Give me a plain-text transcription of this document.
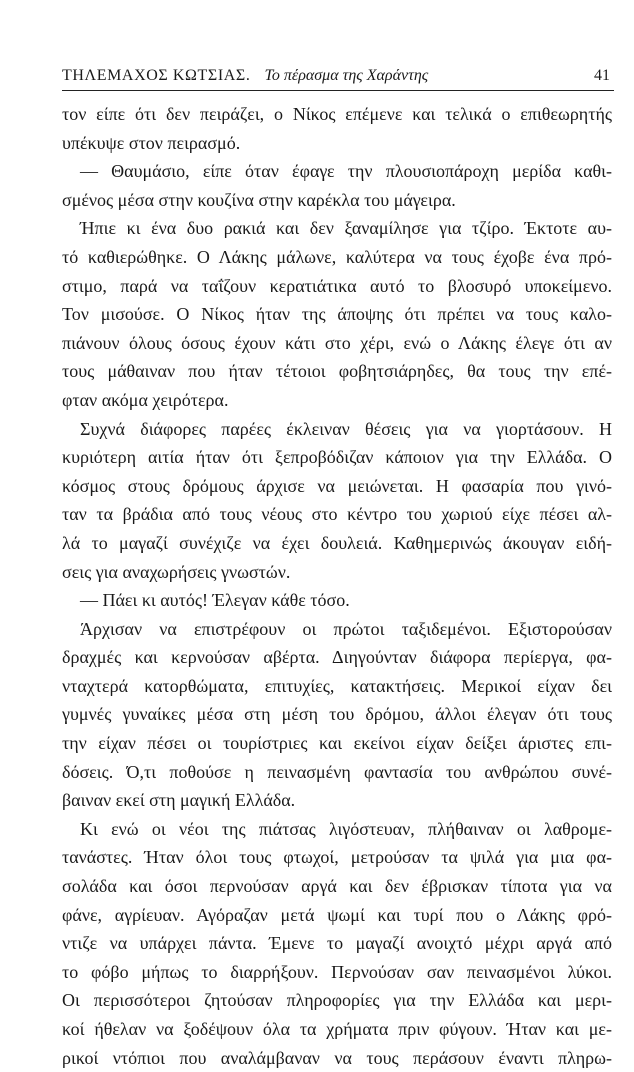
ΤΗΛΕΜΑΧΟΣ ΚΩΤΣΙΑΣ. Το πέρασμα της Χαράντης	41
τον είπε ότι δεν πειράζει, ο Νίκος επέμενε και τελικά ο επιθεωρητής
υπέκυψε στον πειρασμό.
— Θαυμάσιο, είπε όταν έφαγε την πλουσιοπάροχη μερίδα καθι-
σμένος μέσα στην κουζίνα στην καρέκλα του μάγειρα.
Ήπιε κι ένα δυο ρακιά και δεν ξαναμίλησε για τζίρο. Έκτοτε αυ-
τό καθιερώθηκε. Ο Λάκης μάλωνε, καλύτερα να τους έχοβε ένα πρό-
στιμο, παρά να ταΐζουν κερατιάτικα αυτό το βλοσυρό υποκείμενο.
Τον μισούσε. Ο Νίκος ήταν της άποψης ότι πρέπει να τους καλο-
πιάνουν όλους όσους έχουν κάτι στο χέρι, ενώ ο Λάκης έλεγε ότι αν
τους μάθαιναν που ήταν τέτοιοι φοβητσιάρηδες, θα τους την επέ-
φταν ακόμα χειρότερα.
Συχνά διάφορες παρέες έκλειναν θέσεις για να γιορτάσουν. Η
κυριότερη αιτία ήταν ότι ξεπροβόδιζαν κάποιον για την Ελλάδα. Ο
κόσμος στους δρόμους άρχισε να μειώνεται. Η φασαρία που γινό-
ταν τα βράδια από τους νέους στο κέντρο του χωριού είχε πέσει αλ-
λά το μαγαζί συνέχιζε να έχει δουλειά. Καθημερινώς άκουγαν ειδή-
σεις για αναχωρήσεις γνωστών.
— Πάει κι αυτός! Έλεγαν κάθε τόσο.
Άρχισαν να επιστρέφουν οι πρώτοι ταξιδεμένοι. Εξιστορούσαν
δραχμές και κερνούσαν αβέρτα. Διηγούνταν διάφορα περίεργα, φα-
νταχτερά κατορθώματα, επιτυχίες, κατακτήσεις. Μερικοί είχαν δει
γυμνές γυναίκες μέσα στη μέση του δρόμου, άλλοι έλεγαν ότι τους
την είχαν πέσει οι τουρίστριες και εκείνοι είχαν δείξει άριστες επι-
δόσεις. Ό,τι ποθούσε η πεινασμένη φαντασία του ανθρώπου συνέ-
βαιναν εκεί στη μαγική Ελλάδα.
Κι ενώ οι νέοι της πιάτσας λιγόστευαν, πλήθαιναν οι λαθρομε-
τανάστες. Ήταν όλοι τους φτωχοί, μετρούσαν τα ψιλά για μια φα-
σολάδα και όσοι περνούσαν αργά και δεν έβρισκαν τίποτα για να
φάνε, αγρίευαν. Αγόραζαν μετά ψωμί και τυρί που ο Λάκης φρό-
ντιζε να υπάρχει πάντα. Έμενε το μαγαζί ανοιχτό μέχρι αργά από
το φόβο μήπως το διαρρήξουν. Περνούσαν σαν πεινασμένοι λύκοι.
Οι περισσότεροι ζητούσαν πληροφορίες για την Ελλάδα και μερι-
κοί ήθελαν να ξοδέψουν όλα τα χρήματα πριν φύγουν. Ήταν και με-
ρικοί ντόπιοι που αναλάμβαναν να τους περάσουν έναντι πληρω-
